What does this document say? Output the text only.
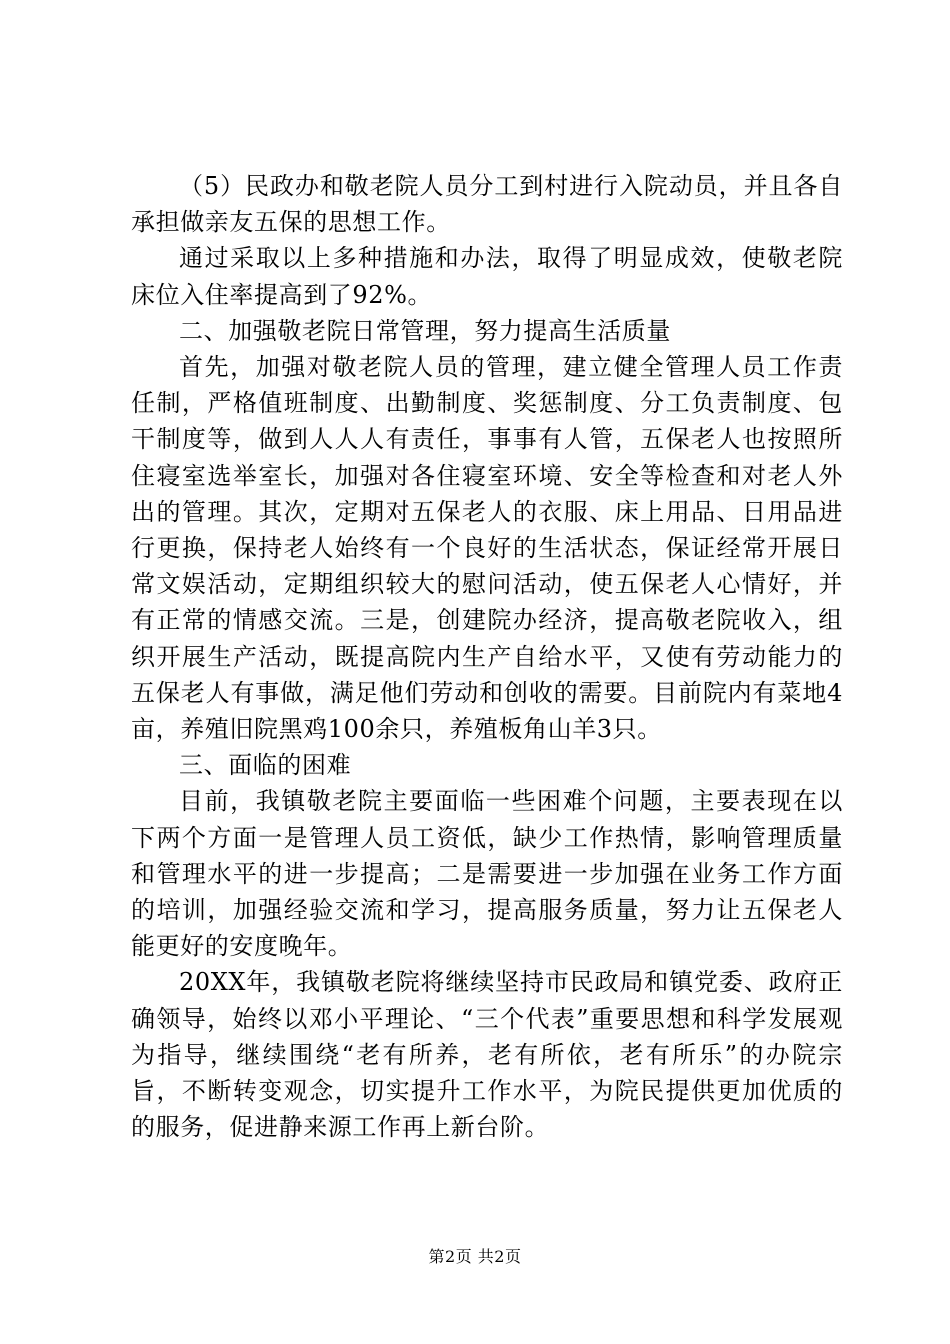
（5）民政办和敬老院人员分工到村进行入院动员，并且各自承担做亲友五保的思想工作。

通过采取以上多种措施和办法，取得了明显成效，使敬老院床位入住率提高到了92%。

二、加强敬老院日常管理，努力提高生活质量

首先，加强对敬老院人员的管理，建立健全管理人员工作责任制，严格值班制度、出勤制度、奖惩制度、分工负责制度、包干制度等，做到人人人有责任，事事有人管，五保老人也按照所住寝室选举室长，加强对各住寝室环境、安全等检查和对老人外出的管理。其次，定期对五保老人的衣服、床上用品、日用品进行更换，保持老人始终有一个良好的生活状态，保证经常开展日常文娱活动，定期组织较大的慰问活动，使五保老人心情好，并有正常的情感交流。三是，创建院办经济，提高敬老院收入，组织开展生产活动，既提高院内生产自给水平，又使有劳动能力的五保老人有事做，满足他们劳动和创收的需要。目前院内有菜地4亩，养殖旧院黑鸡100余只，养殖板角山羊3只。

三、面临的困难

目前，我镇敬老院主要面临一些困难个问题，主要表现在以下两个方面一是管理人员工资低，缺少工作热情，影响管理质量和管理水平的进一步提高；二是需要进一步加强在业务工作方面的培训，加强经验交流和学习，提高服务质量，努力让五保老人能更好的安度晚年。

20XX年，我镇敬老院将继续坚持市民政局和镇党委、政府正确领导，始终以邓小平理论、“三个代表”重要思想和科学发展观为指导，继续围绕“老有所养，老有所依，老有所乐”的办院宗旨，不断转变观念，切实提升工作水平，为院民提供更加优质的的服务，促进静来源工作再上新台阶。

第2页 共2页
